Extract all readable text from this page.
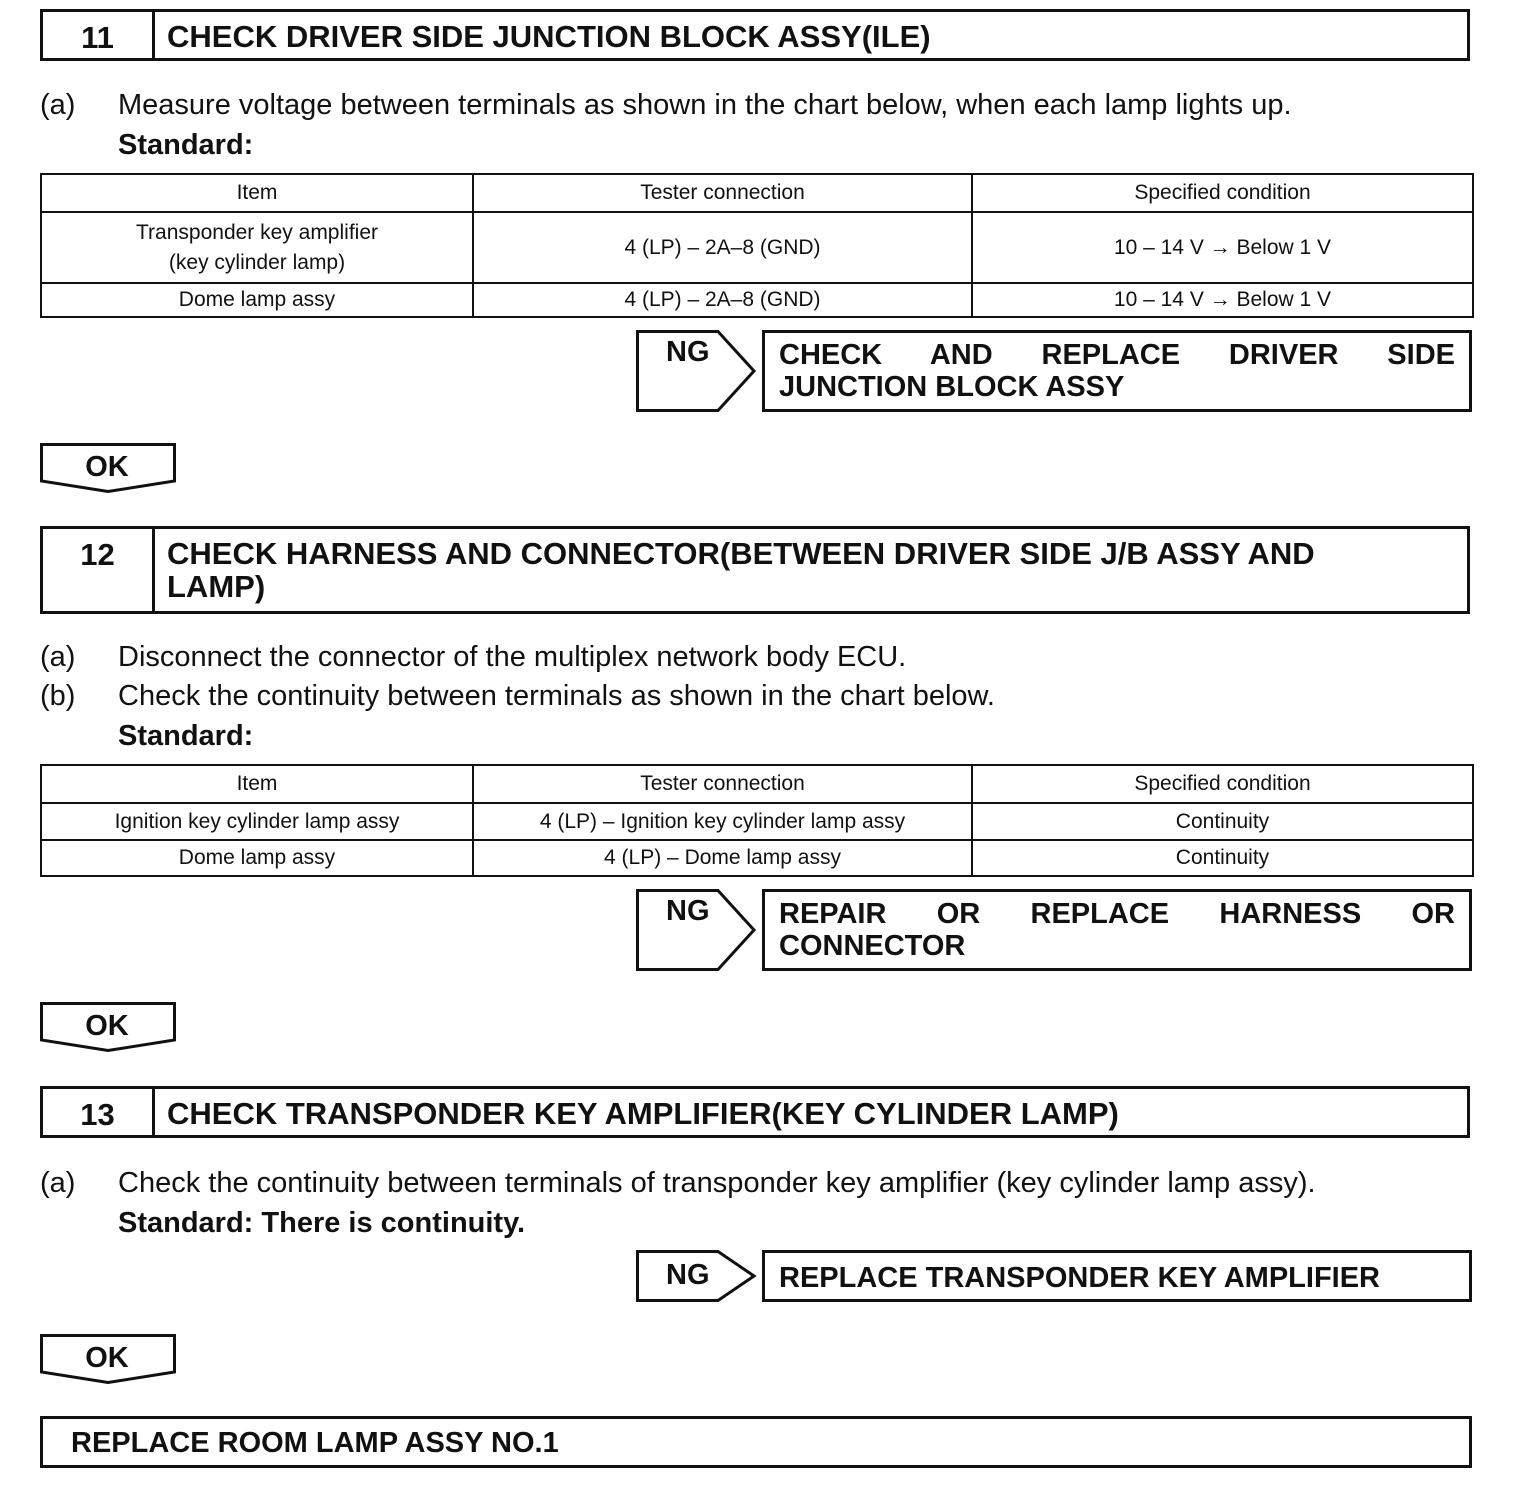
11	CHECK DRIVER SIDE JUNCTION BLOCK ASSY(ILE)
(a) Measure voltage between terminals as shown in the chart below, when each lamp lights up.
Standard:
Item	Tester connection	Specified condition

Transponder key amplifier
(key cylinder lamp)	4 (LP) – 2A–8 (GND)	10 – 14 V → Below 1 V
Dome lamp assy	4 (LP) – 2A–8 (GND)	10 – 14 V → Below 1 V
NG CHECK AND REPLACE DRIVER SIDE
JUNCTION BLOCK ASSY
OK
12	CHECK HARNESS AND CONNECTOR(BETWEEN DRIVER SIDE J/B ASSY AND LAMP)
(a) Disconnect the connector of the multiplex network body ECU.
(b) Check the continuity between terminals as shown in the chart below.
Standard:
Item	Tester connection	Specified condition
Ignition key cylinder lamp assy	4 (LP) – Ignition key cylinder lamp assy	Continuity
Dome lamp assy	4 (LP) – Dome lamp assy	Continuity
NG REPAIR OR REPLACE HARNESS OR
CONNECTOR
OK
13	CHECK TRANSPONDER KEY AMPLIFIER(KEY CYLINDER LAMP)
(a) Check the continuity between terminals of transponder key amplifier (key cylinder lamp assy).
Standard: There is continuity.
NG	REPLACE TRANSPONDER KEY AMPLIFIER
OK
REPLACE ROOM LAMP ASSY NO.1
